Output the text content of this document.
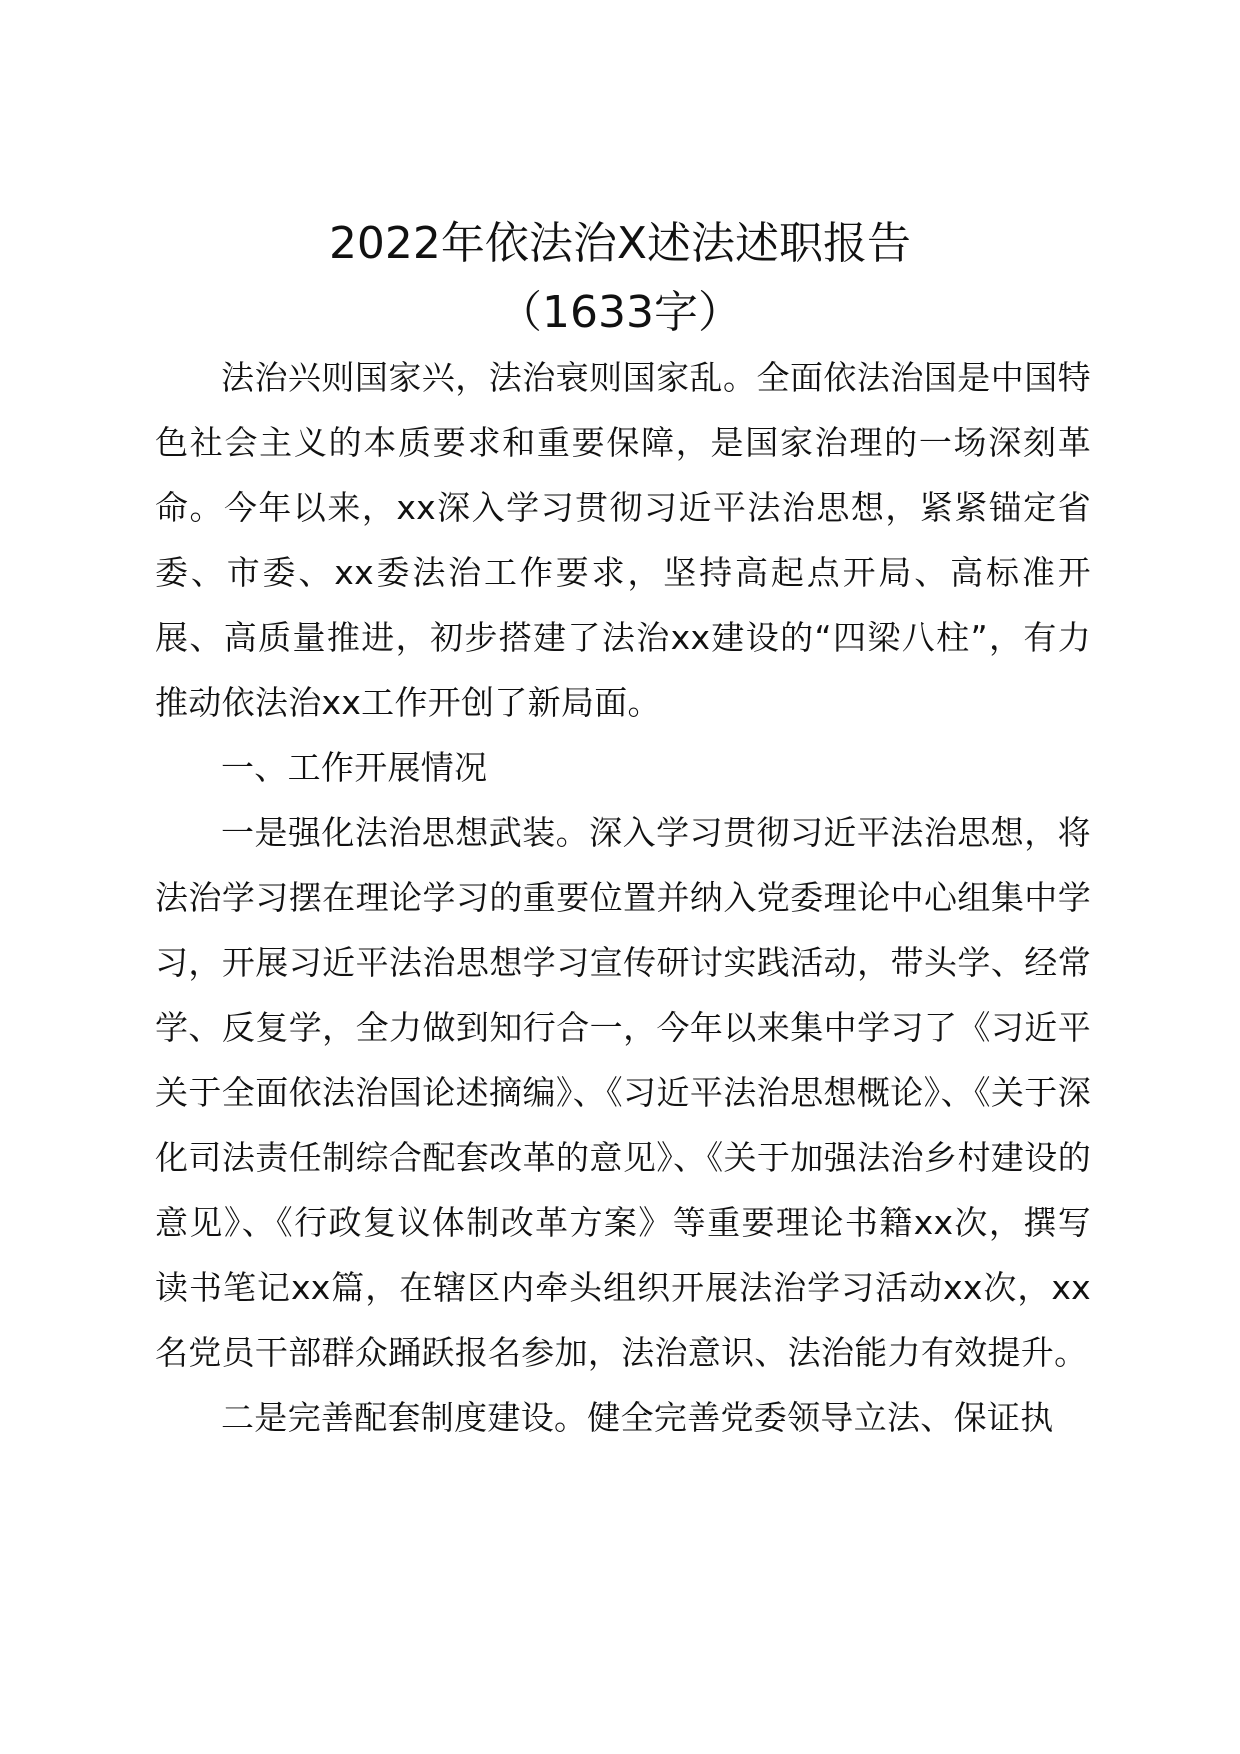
2022年依法治X述法述职报告
（1633字）

法治兴则国家兴，法治衰则国家乱。全面依法治国是中国特色社会主义的本质要求和重要保障，是国家治理的一场深刻革命。今年以来，xx深入学习贯彻习近平法治思想，紧紧锚定省委、市委、xx委法治工作要求，坚持高起点开局、高标准开展、高质量推进，初步搭建了法治xx建设的“四梁八柱”，有力推动依法治xx工作开创了新局面。

一、工作开展情况

一是强化法治思想武装。深入学习贯彻习近平法治思想，将法治学习摆在理论学习的重要位置并纳入党委理论中心组集中学习，开展习近平法治思想学习宣传研讨实践活动，带头学、经常学、反复学，全力做到知行合一，今年以来集中学习了《习近平关于全面依法治国论述摘编》、《习近平法治思想概论》、《关于深化司法责任制综合配套改革的意见》、《关于加强法治乡村建设的意见》、《行政复议体制改革方案》等重要理论书籍xx次，撰写读书笔记xx篇，在辖区内牵头组织开展法治学习活动xx次，xx名党员干部群众踊跃报名参加，法治意识、法治能力有效提升。

二是完善配套制度建设。健全完善党委领导立法、保证执
